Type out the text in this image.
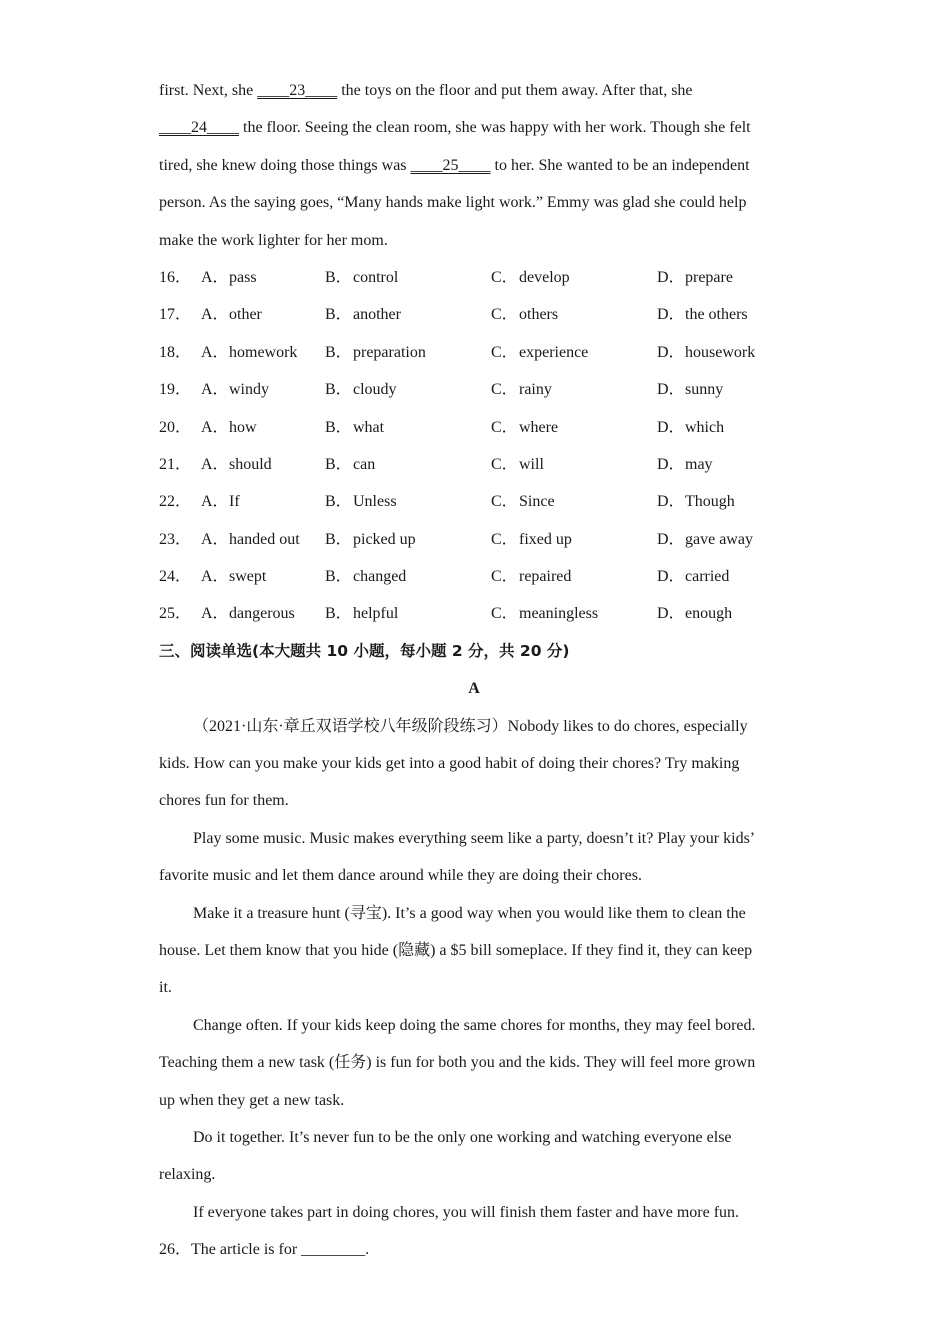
first. Next, she ____23____ the toys on the floor and put them away. After that, she
____24____ the floor. Seeing the clean room, she was happy with her work. Though she felt
tired, she knew doing those things was ____25____ to her. She wanted to be an independent
person. As the saying goes, “Many hands make light work.” Emmy was glad she could help
make the work lighter for her mom.
16． A．pass	B．control	C．develop	D．prepare
17． A．other	B．another	C．others	D．the others
18． A．homework	B．preparation	C．experience	D．housework
19． A．windy	B．cloudy	C．rainy	D．sunny
20． A．how	B．what	C．where	D．which
21． A．should	B．can	C．will	D．may
22． A．If	B．Unless	C．Since	D．Though
23． A．handed out	B．picked up	C．fixed up	D．gave away
24． A．swept	B．changed	C．repaired	D．carried
25． A．dangerous	B．helpful	C．meaningless	D．enough
三、阅读单选(本大题共 10 小题，每小题 2 分，共 20 分)
A
（2021·山东·章丘双语学校八年级阶段练习）Nobody likes to do chores, especially
kids. How can you make your kids get into a good habit of doing their chores? Try making
chores fun for them.
Play some music. Music makes everything seem like a party, doesn’t it? Play your kids’
favorite music and let them dance around while they are doing their chores.
Make it a treasure hunt (寻宝). It’s a good way when you would like them to clean the
house. Let them know that you hide (隐藏) a $5 bill someplace. If they find it, they can keep
it.
Change often. If your kids keep doing the same chores for months, they may feel bored.
Teaching them a new task (任务) is fun for both you and the kids. They will feel more grown
up when they get a new task.
Do it together. It’s never fun to be the only one working and watching everyone else
relaxing.
If everyone takes part in doing chores, you will finish them faster and have more fun.
26．The article is for ________.
